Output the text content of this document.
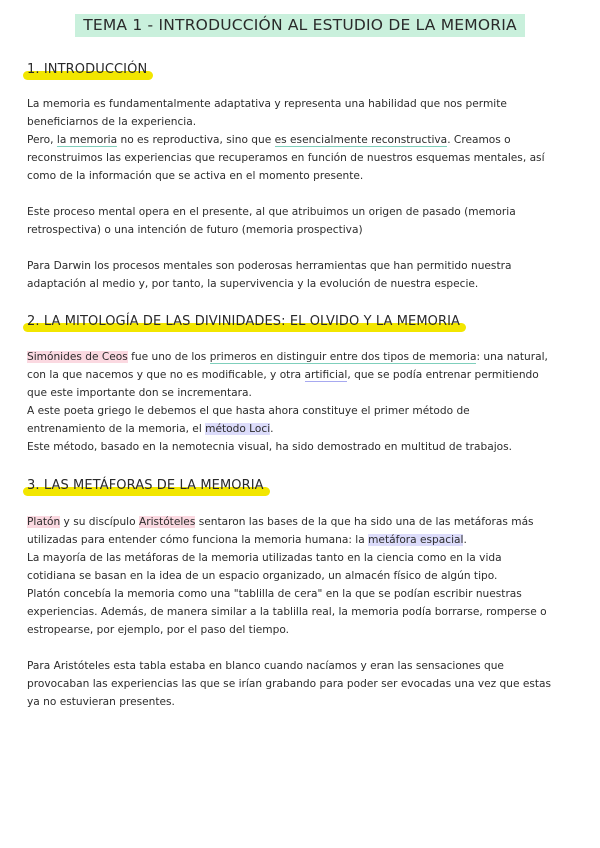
TEMA 1 - INTRODUCCIÓN AL ESTUDIO DE LA MEMORIA
1. INTRODUCCIÓN
La memoria es fundamentalmente adaptativa y representa una habilidad que nos permite
beneficiarnos de la experiencia.
Pero, la memoria no es reproductiva, sino que es esencialmente reconstructiva. Creamos o
reconstruimos las experiencias que recuperamos en función de nuestros esquemas mentales, así
como de la información que se activa en el momento presente.
Este proceso mental opera en el presente, al que atribuimos un origen de pasado (memoria
retrospectiva) o una intención de futuro (memoria prospectiva)
Para Darwin los procesos mentales son poderosas herramientas que han permitido nuestra
adaptación al medio y, por tanto, la supervivencia y la evolución de nuestra especie.
2. LA MITOLOGÍA DE LAS DIVINIDADES: EL OLVIDO Y LA MEMORIA
Simónides de Ceos fue uno de los primeros en distinguir entre dos tipos de memoria: una natural,
con la que nacemos y que no es modificable, y otra artificial, que se podía entrenar permitiendo
que este importante don se incrementara.
A este poeta griego le debemos el que hasta ahora constituye el primer método de
entrenamiento de la memoria, el método Loci.
Este método, basado en la nemotecnia visual, ha sido demostrado en multitud de trabajos.
3. LAS METÁFORAS DE LA MEMORIA
Platón y su discípulo Aristóteles sentaron las bases de la que ha sido una de las metáforas más
utilizadas para entender cómo funciona la memoria humana: la metáfora espacial.
La mayoría de las metáforas de la memoria utilizadas tanto en la ciencia como en la vida
cotidiana se basan en la idea de un espacio organizado, un almacén físico de algún tipo.
Platón concebía la memoria como una "tablilla de cera" en la que se podían escribir nuestras
experiencias. Además, de manera similar a la tablilla real, la memoria podía borrarse, romperse o
estropearse, por ejemplo, por el paso del tiempo.
Para Aristóteles esta tabla estaba en blanco cuando nacíamos y eran las sensaciones que
provocaban las experiencias las que se irían grabando para poder ser evocadas una vez que estas
ya no estuvieran presentes.
